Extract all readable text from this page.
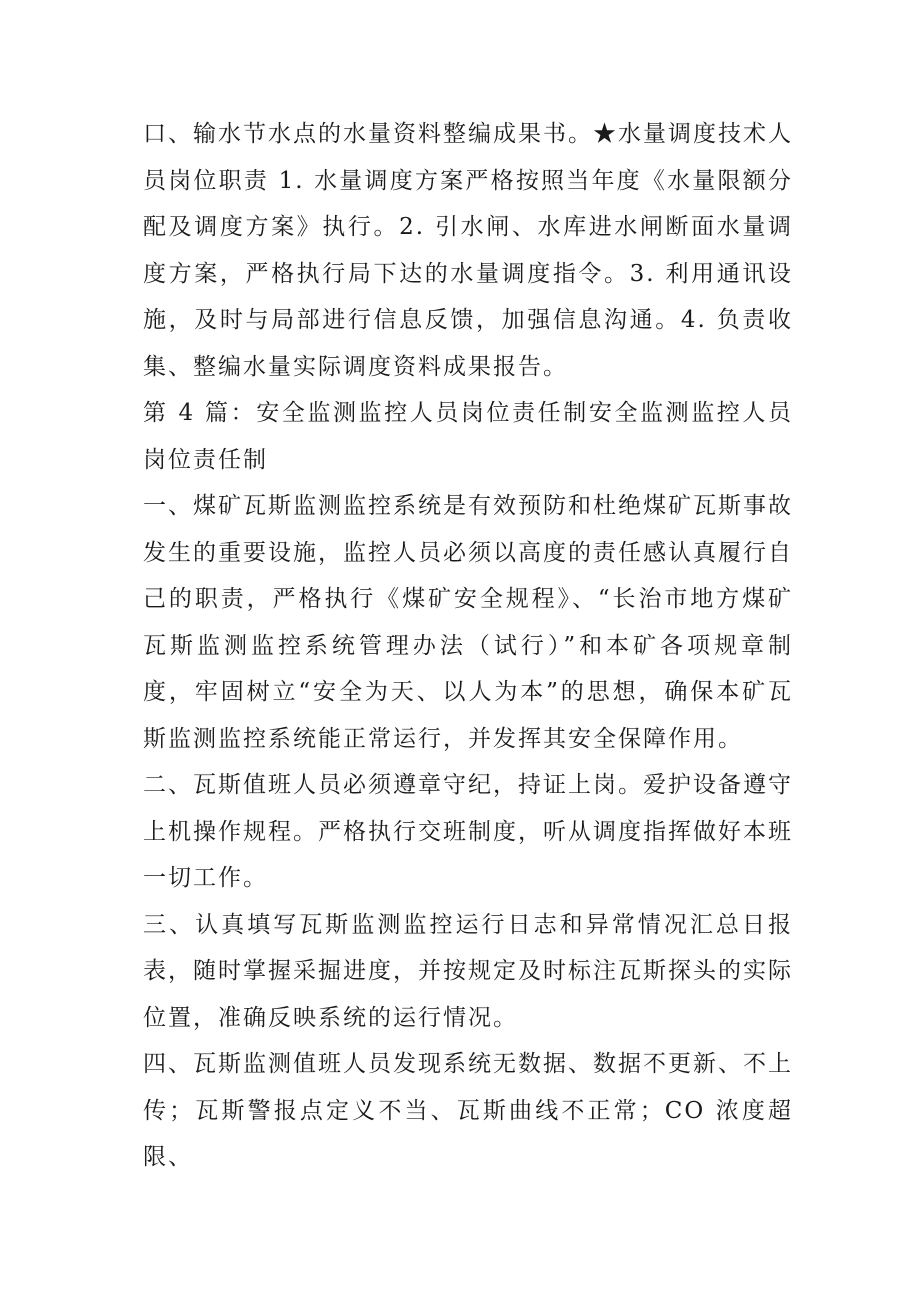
口、输水节水点的水量资料整编成果书。★水量调度技术人员岗位职责 1. 水量调度方案严格按照当年度《水量限额分配及调度方案》执行。2. 引水闸、水库进水闸断面水量调度方案，严格执行局下达的水量调度指令。3. 利用通讯设施，及时与局部进行信息反馈，加强信息沟通。4. 负责收集、整编水量实际调度资料成果报告。

第 4 篇：安全监测监控人员岗位责任制安全监测监控人员岗位责任制

一、煤矿瓦斯监测监控系统是有效预防和杜绝煤矿瓦斯事故发生的重要设施，监控人员必须以高度的责任感认真履行自己的职责，严格执行《煤矿安全规程》、“长治市地方煤矿瓦斯监测监控系统管理办法（试行）”和本矿各项规章制度，牢固树立“安全为天、以人为本”的思想，确保本矿瓦斯监测监控系统能正常运行，并发挥其安全保障作用。

二、瓦斯值班人员必须遵章守纪，持证上岗。爱护设备遵守上机操作规程。严格执行交班制度，听从调度指挥做好本班一切工作。

三、认真填写瓦斯监测监控运行日志和异常情况汇总日报表，随时掌握采掘进度，并按规定及时标注瓦斯探头的实际位置，准确反映系统的运行情况。

四、瓦斯监测值班人员发现系统无数据、数据不更新、不上传；瓦斯警报点定义不当、瓦斯曲线不正常；CO 浓度超限、
